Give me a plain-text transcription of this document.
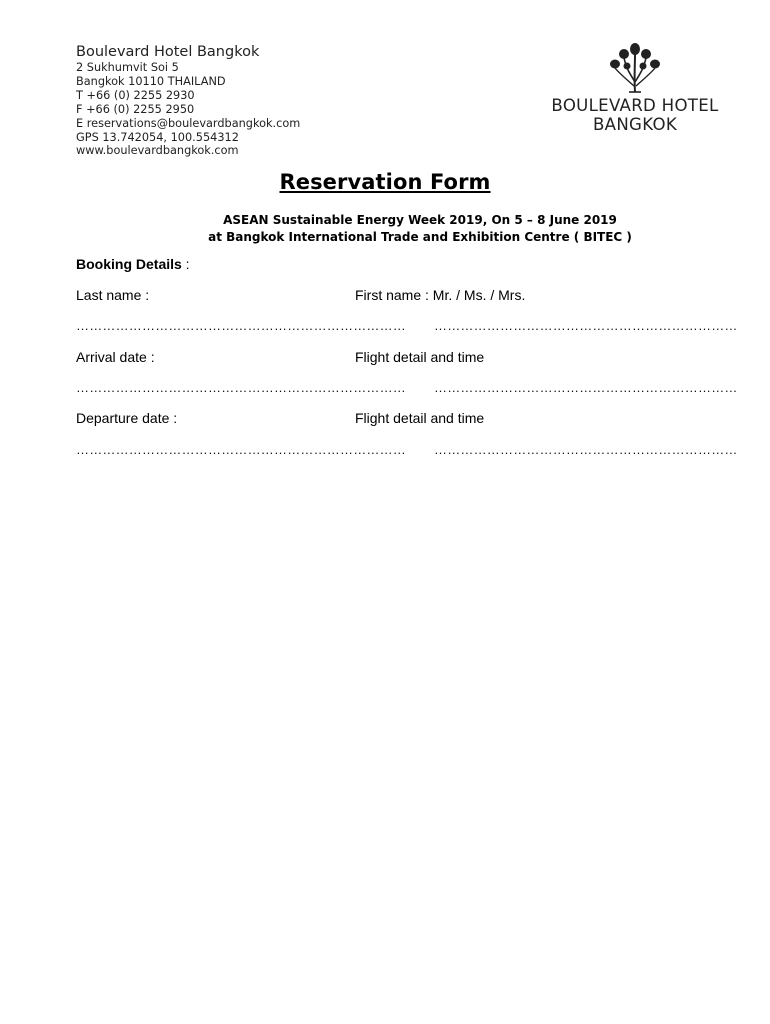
Boulevard Hotel Bangkok
2 Sukhumvit Soi 5
Bangkok 10110 THAILAND
T +66 (0) 2255 2930
F +66 (0) 2255 2950
E reservations@boulevardbangkok.com
GPS 13.742054, 100.554312
www.boulevardbangkok.com
BOULEVARD HOTEL
BANGKOK
Reservation Form
ASEAN Sustainable Energy Week 2019, On 5 – 8 June 2019
at Bangkok International Trade and Exhibition Centre ( BITEC )
Booking Details :
Last name :	First name : Mr. / Ms. / Mrs.
………………………………………………………………… ……………………………………………………………
Arrival date :	Flight detail and time
………………………………………………………………… ……………………………………………………………
Departure date :	Flight detail and time
………………………………………………………………… ……………………………………………………………
